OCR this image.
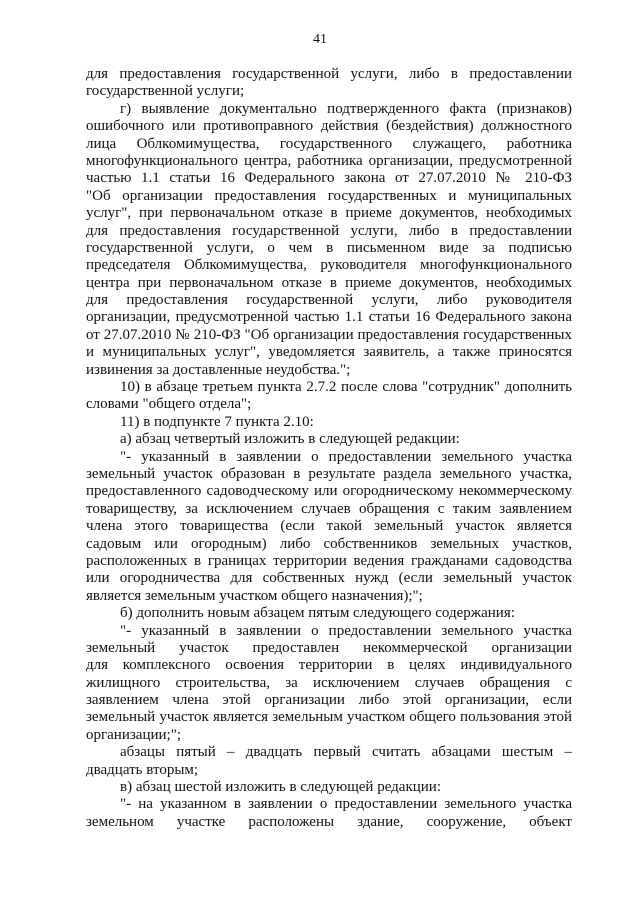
41
для предоставления государственной услуги, либо в предоставлении
государственной услуги;
г) выявление документально подтвержденного факта (признаков)
ошибочного или противоправного действия (бездействия) должностного
лица Облкомимущества, государственного служащего, работника
многофункционального центра, работника организации, предусмотренной
частью 1.1 статьи 16 Федерального закона от 27.07.2010 № 210-ФЗ
"Об организации предоставления государственных и муниципальных
услуг", при первоначальном отказе в приеме документов, необходимых
для предоставления государственной услуги, либо в предоставлении
государственной услуги, о чем в письменном виде за подписью
председателя Облкомимущества, руководителя многофункционального
центра при первоначальном отказе в приеме документов, необходимых
для предоставления государственной услуги, либо руководителя
организации, предусмотренной частью 1.1 статьи 16 Федерального закона
от 27.07.2010 № 210-ФЗ "Об организации предоставления государственных
и муниципальных услуг", уведомляется заявитель, а также приносятся
извинения за доставленные неудобства.";
10) в абзаце третьем пункта 2.7.2 после слова "сотрудник" дополнить
словами "общего отдела";
11) в подпункте 7 пункта 2.10:
а) абзац четвертый изложить в следующей редакции:
"- указанный в заявлении о предоставлении земельного участка
земельный участок образован в результате раздела земельного участка,
предоставленного садоводческому или огородническому некоммерческому
товариществу, за исключением случаев обращения с таким заявлением
члена этого товарищества (если такой земельный участок является
садовым или огородным) либо собственников земельных участков,
расположенных в границах территории ведения гражданами садоводства
или огородничества для собственных нужд (если земельный участок
является земельным участком общего назначения);";
б) дополнить новым абзацем пятым следующего содержания:
"- указанный в заявлении о предоставлении земельного участка
земельный участок предоставлен некоммерческой организации
для комплексного освоения территории в целях индивидуального
жилищного строительства, за исключением случаев обращения с
заявлением члена этой организации либо этой организации, если
земельный участок является земельным участком общего пользования этой
организации;";
абзацы пятый – двадцать первый считать абзацами шестым –
двадцать вторым;
в) абзац шестой изложить в следующей редакции:
"- на указанном в заявлении о предоставлении земельного участка
земельном участке расположены здание, сооружение, объект
